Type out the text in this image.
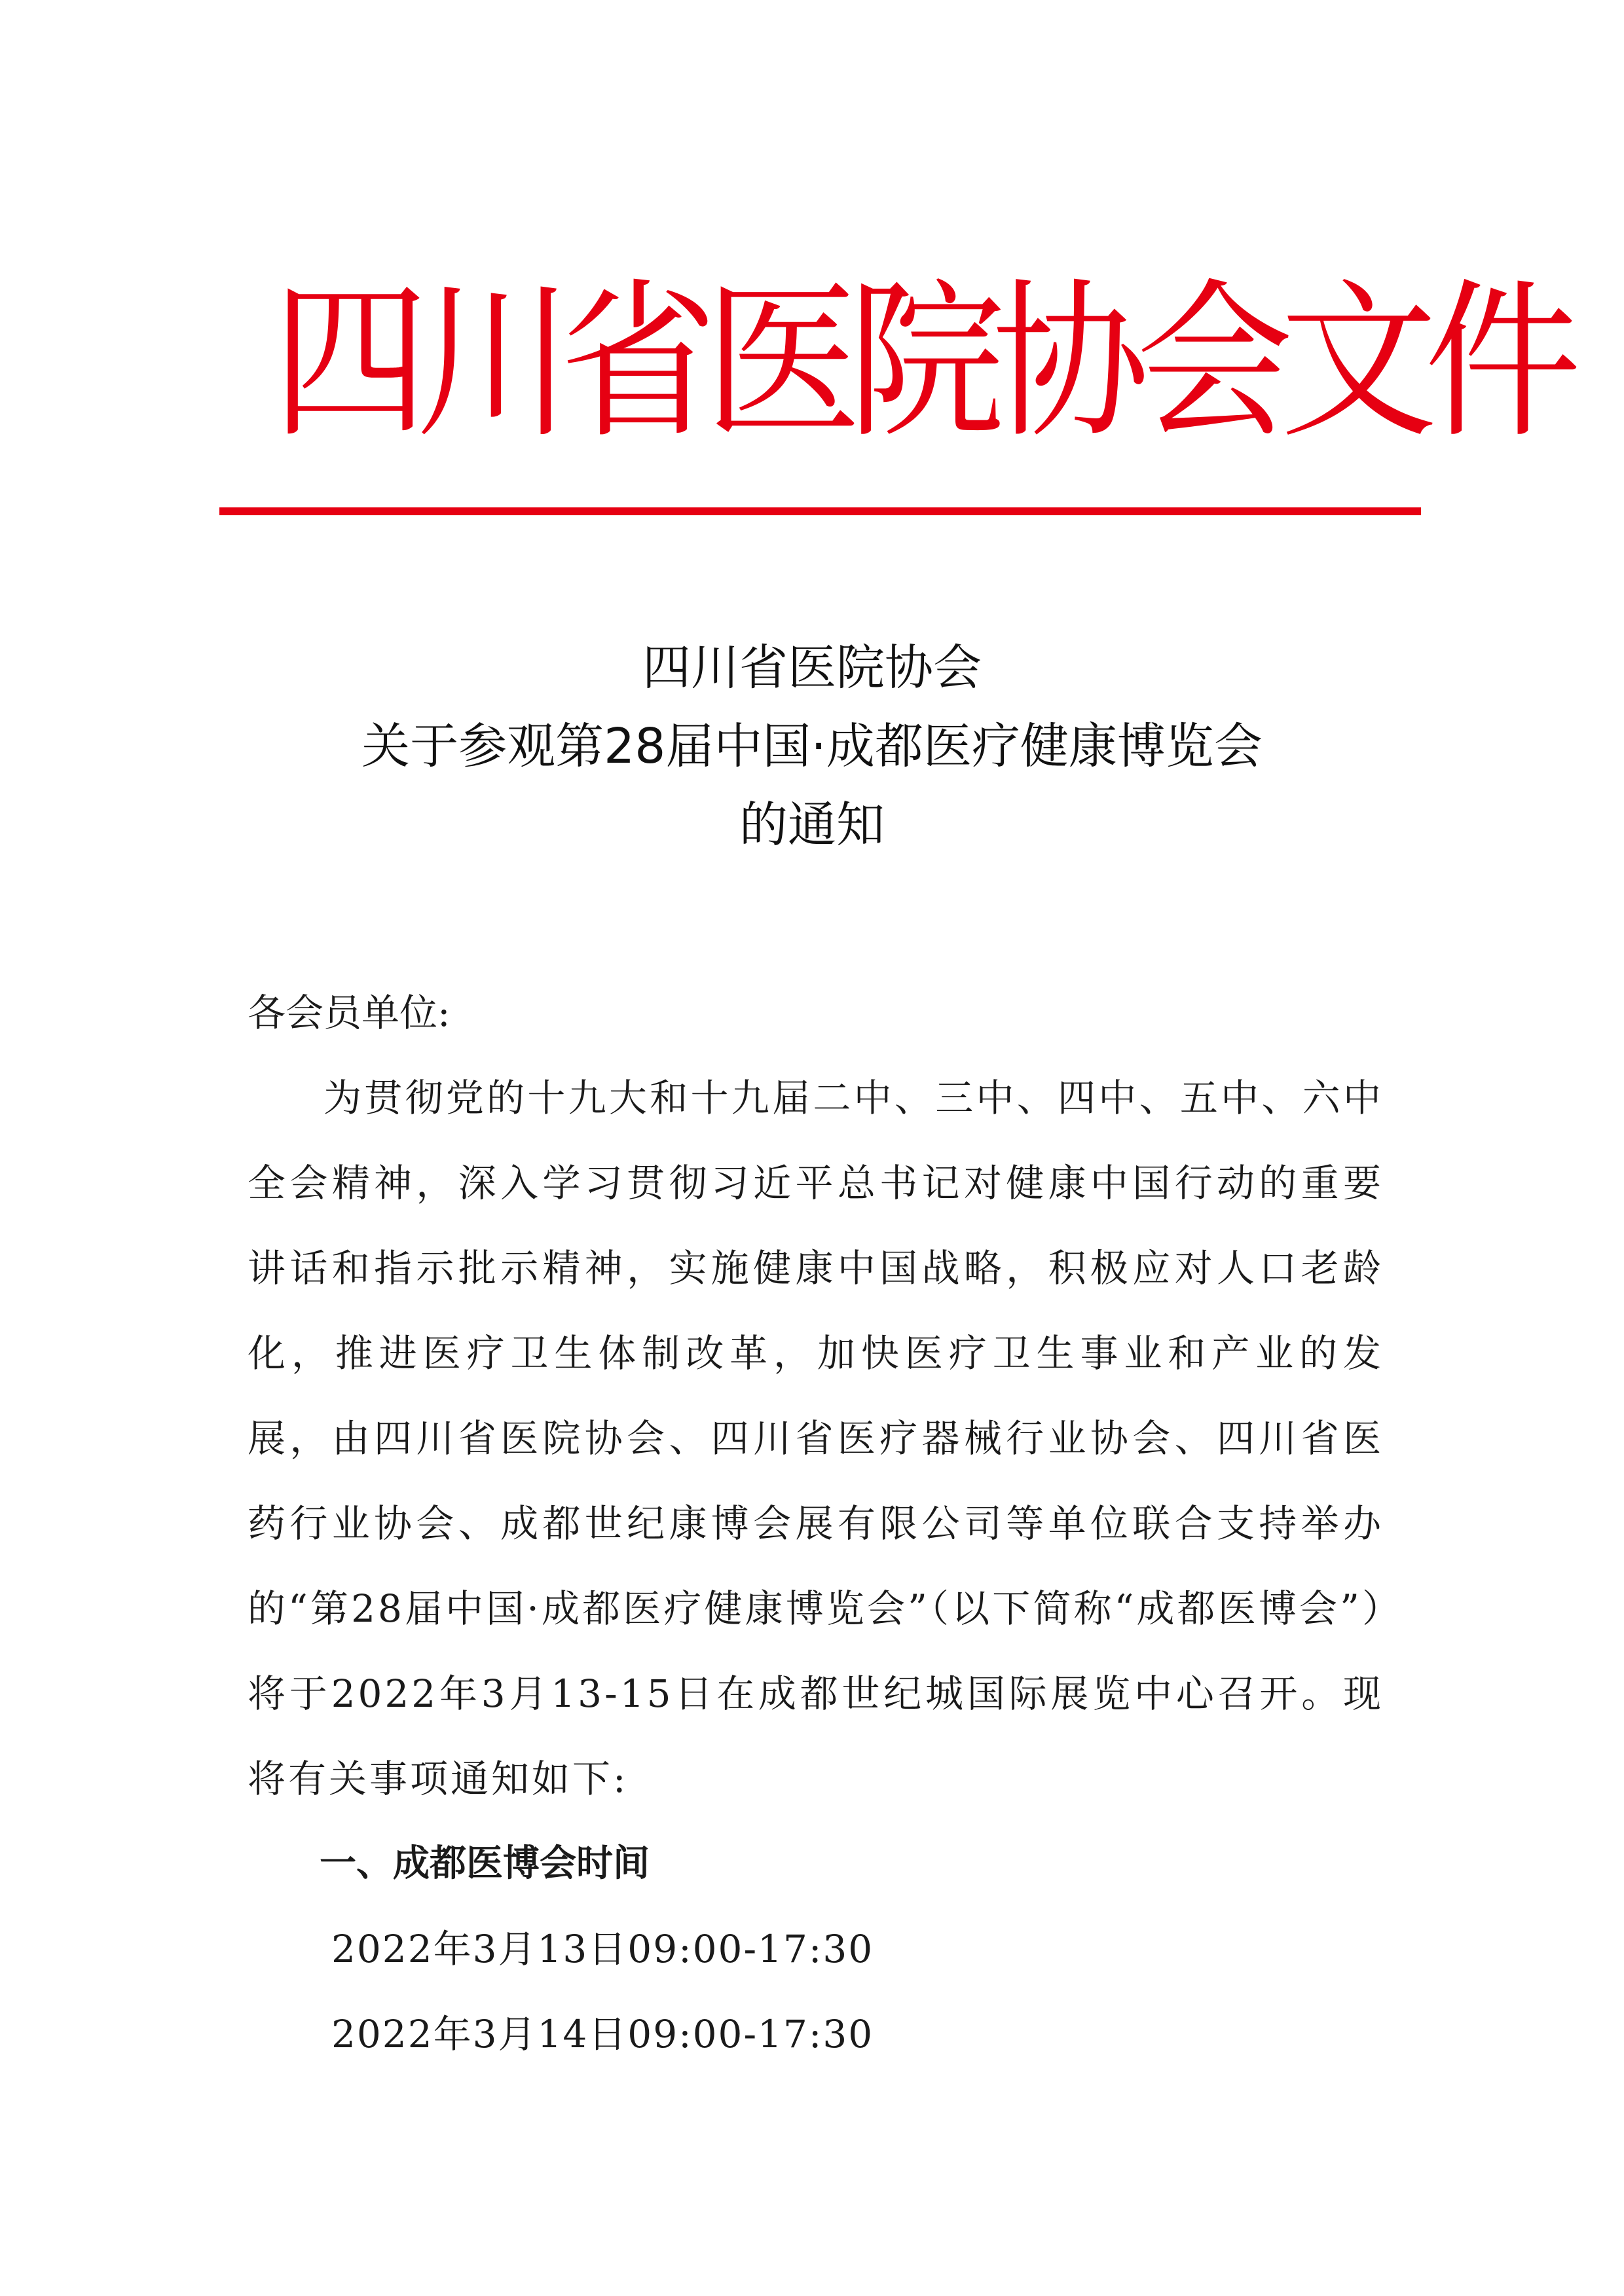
四川省医院协会文件
四川省医院协会
关于参观第28届中国·成都医疗健康博览会
的通知

各会员单位:

为贯彻党的十九大和十九届二中、三中、四中、五中、六中全会精神，深入学习贯彻习近平总书记对健康中国行动的重要讲话和指示批示精神，实施健康中国战略，积极应对人口老龄化，推进医疗卫生体制改革，加快医疗卫生事业和产业的发展，由四川省医院协会、四川省医疗器械行业协会、四川省医药行业协会、成都世纪康博会展有限公司等单位联合支持举办的“第28届中国·成都医疗健康博览会”（以下简称“成都医博会”）将于2022年3月13-15日在成都世纪城国际展览中心召开。现将有关事项通知如下:

一、成都医博会时间

2022年3月13日09:00-17:30

2022年3月14日09:00-17:30
